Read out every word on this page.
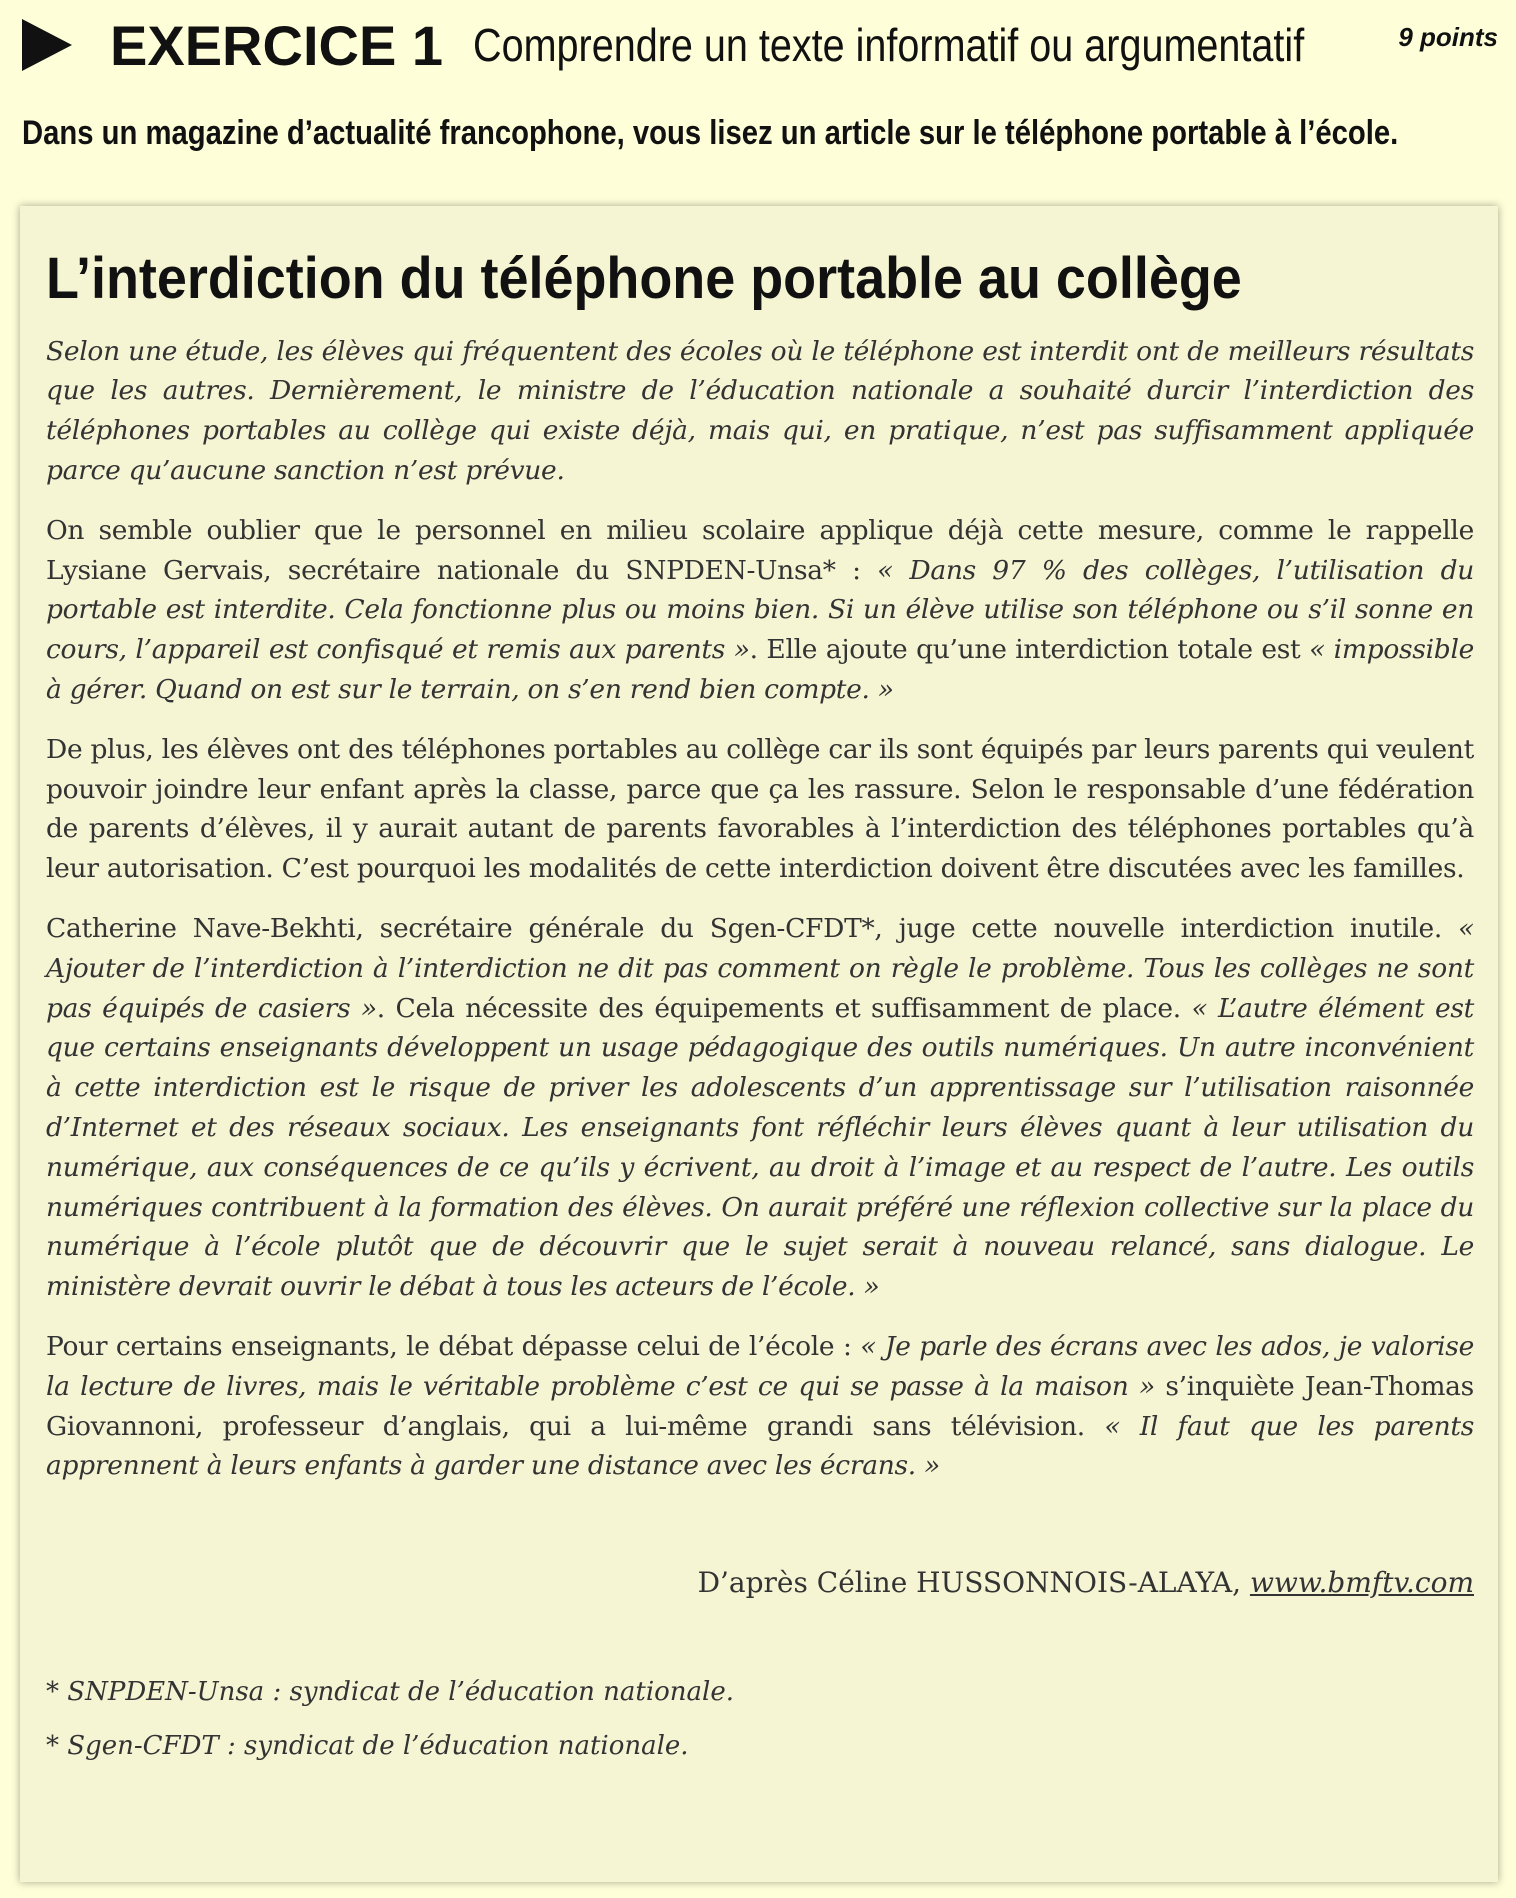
EXERCICE 1 Comprendre un texte informatif ou argumentatif	9 points
Dans un magazine d’actualité francophone, vous lisez un article sur le téléphone portable à l’école.
L’interdiction du téléphone portable au collège

Selon une étude, les élèves qui fréquentent des écoles où le téléphone est interdit ont de meilleurs résultats que les autres. Dernièrement, le ministre de l’éducation nationale a souhaité durcir l’interdiction des téléphones portables au collège qui existe déjà, mais qui, en pratique, n’est pas suffisamment appliquée parce qu’aucune sanction n’est prévue.

On semble oublier que le personnel en milieu scolaire applique déjà cette mesure, comme le rappelle Lysiane Gervais, secrétaire nationale du SNPDEN-Unsa* : « Dans 97 % des collèges, l’utilisation du portable est interdite. Cela fonctionne plus ou moins bien. Si un élève utilise son téléphone ou s’il sonne en cours, l’appareil est confisqué et remis aux parents ». Elle ajoute qu’une interdiction totale est « impossible à gérer. Quand on est sur le terrain, on s’en rend bien compte. »

De plus, les élèves ont des téléphones portables au collège car ils sont équipés par leurs parents qui veulent pouvoir joindre leur enfant après la classe, parce que ça les rassure. Selon le responsable d’une fédération de parents d’élèves, il y aurait autant de parents favorables à l’interdiction des téléphones portables qu’à leur autorisation. C’est pourquoi les modalités de cette interdiction doivent être discutées avec les familles.

Catherine Nave-Bekhti, secrétaire générale du Sgen-CFDT*, juge cette nouvelle interdiction inutile. « Ajouter de l’interdiction à l’interdiction ne dit pas comment on règle le problème. Tous les collèges ne sont pas équipés de casiers ». Cela nécessite des équipements et suffisamment de place. « L’autre élément est que certains enseignants développent un usage pédagogique des outils numériques. Un autre inconvénient à cette interdiction est le risque de priver les adolescents d’un apprentissage sur l’utilisation raisonnée d’Internet et des réseaux sociaux. Les enseignants font réfléchir leurs élèves quant à leur utilisation du numérique, aux conséquences de ce qu’ils y écrivent, au droit à l’image et au respect de l’autre. Les outils numériques contribuent à la formation des élèves. On aurait préféré une réflexion collective sur la place du numérique à l’école plutôt que de découvrir que le sujet serait à nouveau relancé, sans dialogue. Le ministère devrait ouvrir le débat à tous les acteurs de l’école. »

Pour certains enseignants, le débat dépasse celui de l’école : « Je parle des écrans avec les ados, je valorise la lecture de livres, mais le véritable problème c’est ce qui se passe à la maison » s’inquiète Jean-Thomas Giovannoni, professeur d’anglais, qui a lui-même grandi sans télévision. « Il faut que les parents apprennent à leurs enfants à garder une distance avec les écrans. »

D’après Céline HUSSONNOIS-ALAYA, www.bmftv.com

* SNPDEN-Unsa : syndicat de l’éducation nationale.

* Sgen-CFDT : syndicat de l’éducation nationale.
